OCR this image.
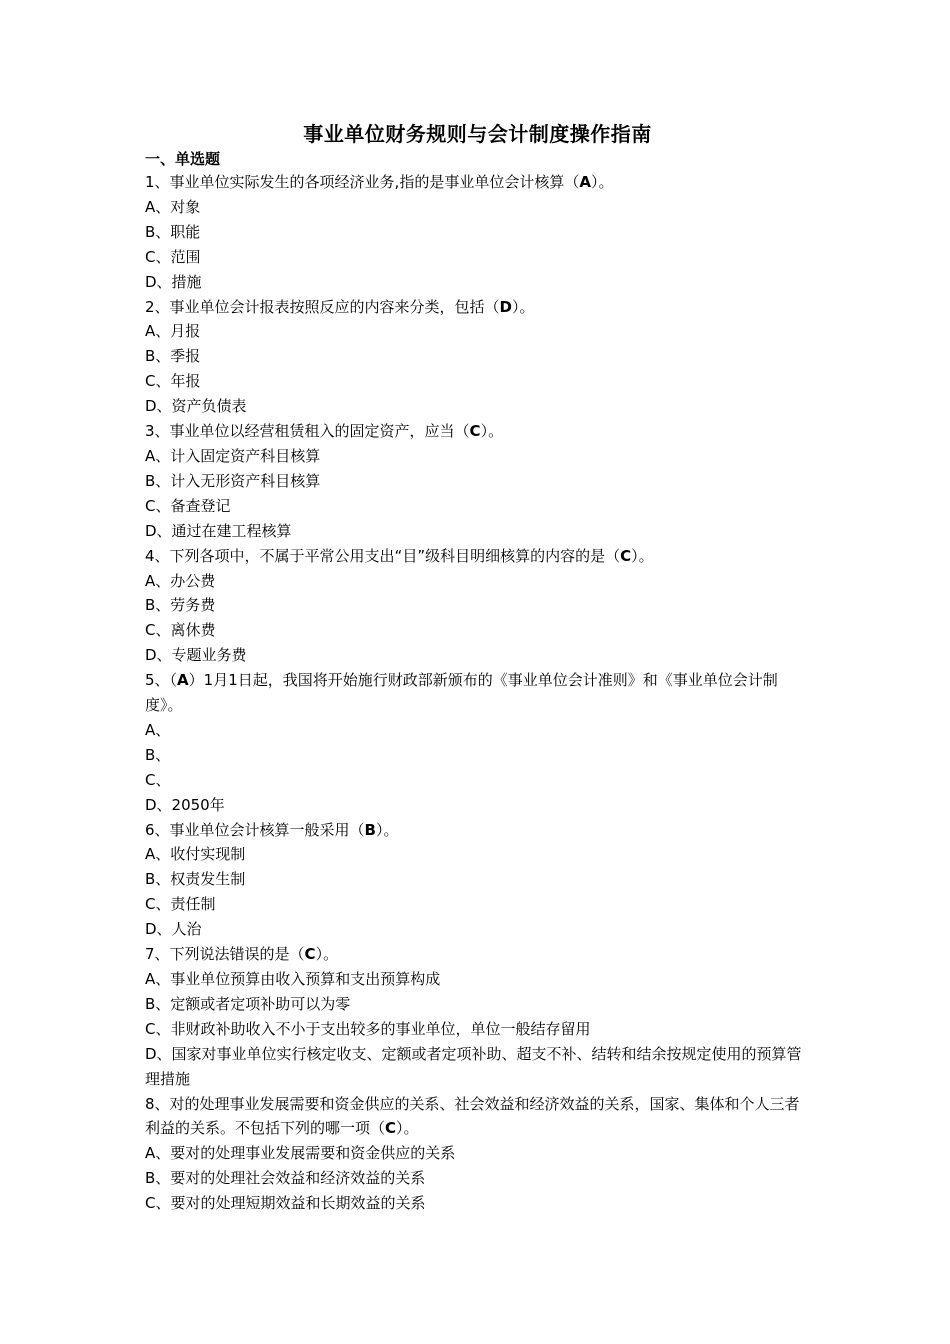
事业单位财务规则与会计制度操作指南
一、单选题
1、事业单位实际发生的各项经济业务,指的是事业单位会计核算（A）。
A、对象
B、职能
C、范围
D、措施
2、事业单位会计报表按照反应的内容来分类，包括（D）。
A、月报
B、季报
C、年报
D、资产负债表
3、事业单位以经营租赁租入的固定资产，应当（C）。
A、计入固定资产科目核算
B、计入无形资产科目核算
C、备查登记
D、通过在建工程核算
4、下列各项中，不属于平常公用支出“目”级科目明细核算的内容的是（C）。
A、办公费
B、劳务费
C、离休费
D、专题业务费
5、（A）1月1日起，我国将开始施行财政部新颁布的《事业单位会计准则》和《事业单位会计制度》。
A、
B、
C、
D、2050年
6、事业单位会计核算一般采用（B）。
A、收付实现制
B、权责发生制
C、责任制
D、人治
7、下列说法错误的是（C）。
A、事业单位预算由收入预算和支出预算构成
B、定额或者定项补助可以为零
C、非财政补助收入不小于支出较多的事业单位，单位一般结存留用
D、国家对事业单位实行核定收支、定额或者定项补助、超支不补、结转和结余按规定使用的预算管理措施
8、对的处理事业发展需要和资金供应的关系、社会效益和经济效益的关系，国家、集体和个人三者利益的关系。不包括下列的哪一项（C）。
A、要对的处理事业发展需要和资金供应的关系
B、要对的处理社会效益和经济效益的关系
C、要对的处理短期效益和长期效益的关系
